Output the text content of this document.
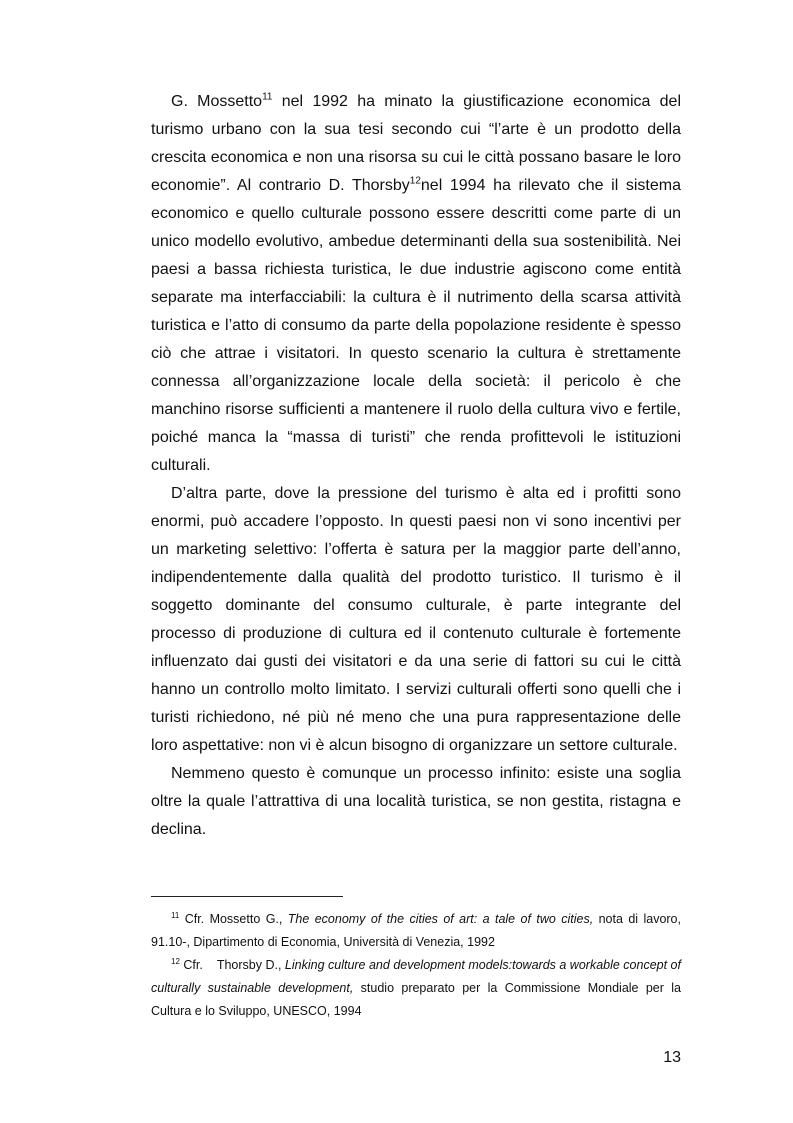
G. Mossetto$^{11}$ nel 1992 ha minato la giustificazione economica del turismo urbano con la sua tesi secondo cui “l’arte è un prodotto della crescita economica e non una risorsa su cui le città possano basare le loro economie”. Al contrario D. Thorsby$^{12}$nel 1994 ha rilevato che il sistema economico e quello culturale possono essere descritti come parte di un unico modello evolutivo, ambedue determinanti della sua sostenibilità. Nei paesi a bassa richiesta turistica, le due industrie agiscono come entità separate ma interfacciabili: la cultura è il nutrimento della scarsa attività turistica e l’atto di consumo da parte della popolazione residente è spesso ciò che attrae i visitatori. In questo scenario la cultura è strettamente connessa all’organizzazione locale della società: il pericolo è che manchino risorse sufficienti a mantenere il ruolo della cultura vivo e fertile, poiché manca la “massa di turisti” che renda profittevoli le istituzioni culturali.

D’altra parte, dove la pressione del turismo è alta ed i profitti sono enormi, può accadere l’opposto. In questi paesi non vi sono incentivi per un marketing selettivo: l’offerta è satura per la maggior parte dell’anno, indipendentemente dalla qualità del prodotto turistico. Il turismo è il soggetto dominante del consumo culturale, è parte integrante del processo di produzione di cultura ed il contenuto culturale è fortemente influenzato dai gusti dei visitatori e da una serie di fattori su cui le città hanno un controllo molto limitato. I servizi culturali offerti sono quelli che i turisti richiedono, né più né meno che una pura rappresentazione delle loro aspettative: non vi è alcun bisogno di organizzare un settore culturale.

Nemmeno questo è comunque un processo infinito: esiste una soglia oltre la quale l’attrattiva di una località turistica, se non gestita, ristagna e declina.

$^{11}$ Cfr. Mossetto G., The economy of the cities of art: a tale of two cities, nota di lavoro, 91.10-, Dipartimento di Economia, Università di Venezia, 1992

$^{12}$ Cfr. Thorsby D., Linking culture and development models:towards a workable concept of culturally sustainable development, studio preparato per la Commissione Mondiale per la Cultura e lo Sviluppo, UNESCO, 1994

13
